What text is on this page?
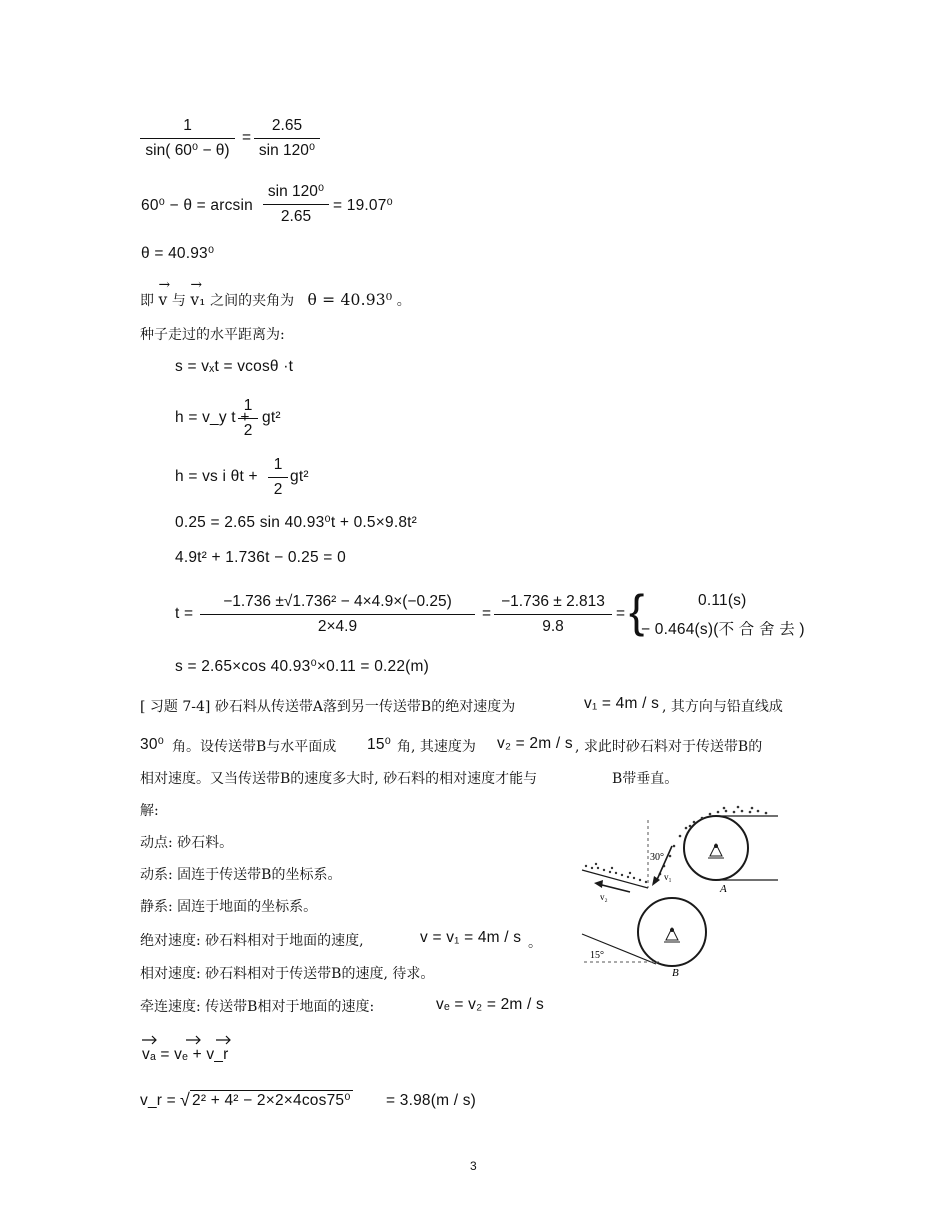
1
sin( 60⁰ − θ)
=
2.65
sin 120⁰
60⁰ − θ = arcsin
sin 120⁰
2.65
= 19.07⁰
θ = 40.93⁰
即 → v 与 → v₁ 之间的夹角为 θ = 40.93⁰ 。
种子走过的水平距离为:
s = vₓt = vcosθ ·t
h = v_y t +
1
2
gt²
h = vs i θt +
1
2
gt²
0.25 = 2.65 sin 40.93⁰t + 0.5×9.8t²
4.9t² + 1.736t − 0.25 = 0
t =
−1.736 ±√1.736² − 4×4.9×(−0.25)
2×4.9
=
−1.736 ± 2.813
9.8
= {	0.11(s)
− 0.464(s)(不 合 舍 去 )
s = 2.65×cos 40.93⁰×0.11 = 0.22(m)
[ 习题 7-4] 砂石料从传送带A落到另一传送带B的绝对速度为	v₁ = 4m / s , 其方向与铅直线成
30⁰ 角。设传送带B与水平面成 15⁰ 角, 其速度为 v₂ = 2m / s , 求此时砂石料对于传送带B的
相对速度。又当传送带B的速度多大时, 砂石料的相对速度才能与	B带垂直。
解:
动点: 砂石料。
动系: 固连于传送带B的坐标系。
静系: 固连于地面的坐标系。
绝对速度: 砂石料相对于地面的速度,	v = v₁ = 4m / s 。
相对速度: 砂石料相对于传送带B的速度, 待求。
牵连速度: 传送带B相对于地面的速度:	vₑ = v₂ = 2m / s
vₐ = vₑ + v_r
v_r = √ 2² + 4² − 2×2×4cos75⁰ = 3.98(m / s)
30°
v₁
v₂
15°
A
B
3
